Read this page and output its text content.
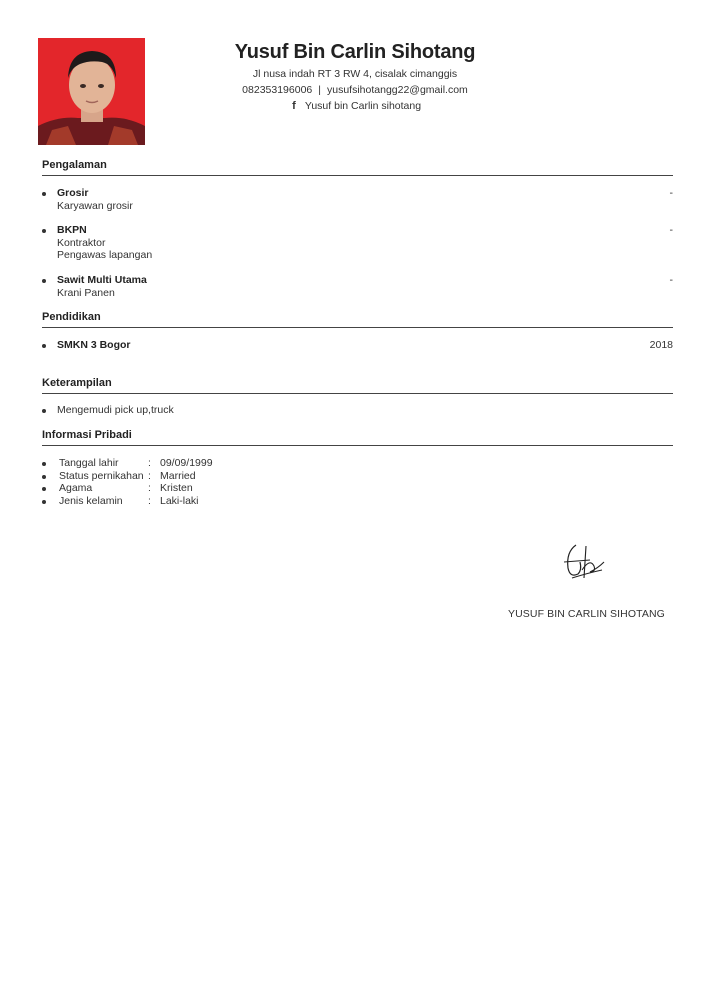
Yusuf Bin Carlin Sihotang
Jl nusa indah RT 3 RW 4, cisalak cimanggis
082353196006 | yusufsihotangg22@gmail.com
f Yusuf bin Carlin sihotang
Pengalaman
Grosir
Karyawan grosir
-
BKPN
Kontraktor
Pengawas lapangan
-
Sawit Multi Utama
Krani Panen
-
Pendidikan
SMKN 3 Bogor	2018
Keterampilan
Mengemudi pick up,truck
Informasi Pribadi
Tanggal lahir	: 09/09/1999
Status pernikahan : Married
Agama	: Kristen
Jenis kelamin	: Laki-laki
YUSUF BIN CARLIN SIHOTANG
